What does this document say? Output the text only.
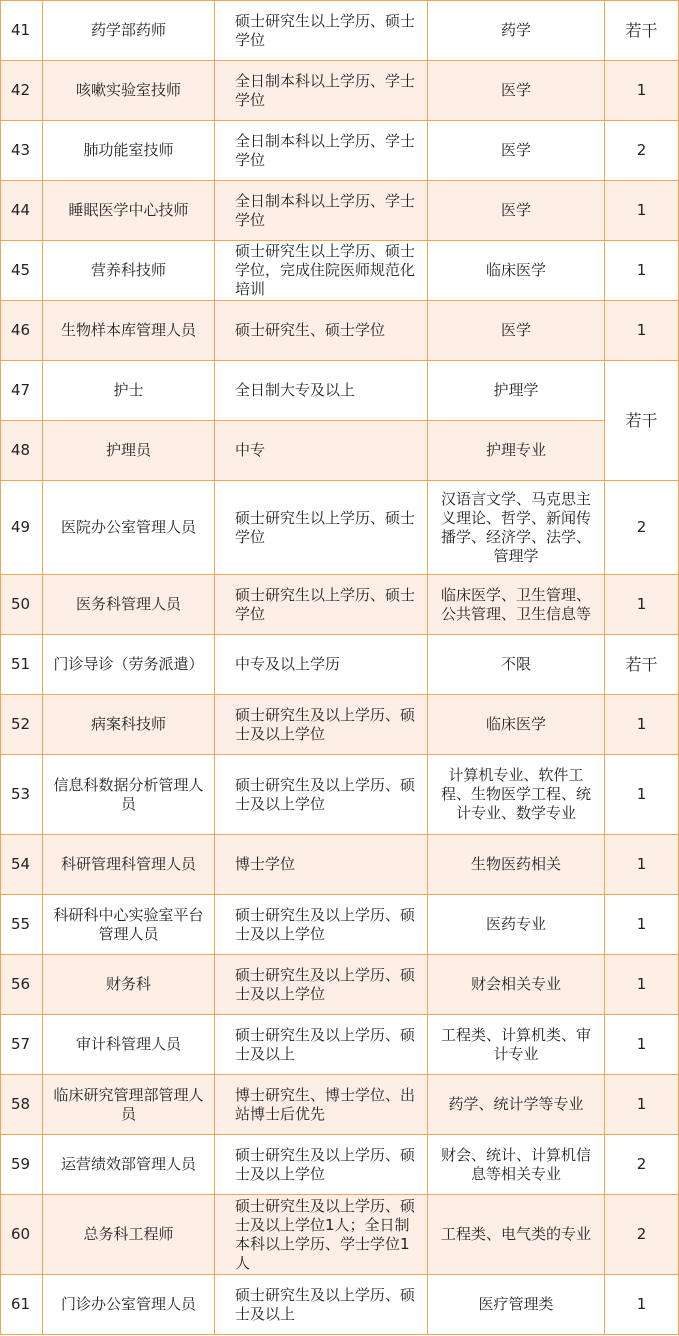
41	药学部药师	硕士研究生以上学历、硕士学位	药学	若干
42	咳嗽实验室技师	全日制本科以上学历、学士学位	医学	1
43	肺功能室技师	全日制本科以上学历、学士学位	医学	2
44	睡眠医学中心技师	全日制本科以上学历、学士学位	医学	1
45	营养科技师	硕士研究生以上学历、硕士学位，完成住院医师规范化培训	临床医学	1
46	生物样本库管理人员	硕士研究生、硕士学位	医学	1
47	护士	全日制大专及以上	护理学	若干
48	护理员	中专	护理专业	
49	医院办公室管理人员	硕士研究生以上学历、硕士学位	汉语言文学、马克思主义理论、哲学、新闻传播学、经济学、法学、管理学	2
50	医务科管理人员	硕士研究生以上学历、硕士学位	临床医学、卫生管理、公共管理、卫生信息等	1
51	门诊导诊（劳务派遣）	中专及以上学历	不限	若干
52	病案科技师	硕士研究生及以上学历、硕士及以上学位	临床医学	1
53	信息科数据分析管理人员	硕士研究生及以上学历、硕士及以上学位	计算机专业、软件工程、生物医学工程、统计专业、数学专业	1
54	科研管理科管理人员	博士学位	生物医药相关	1
55	科研科中心实验室平台管理人员	硕士研究生及以上学历、硕士及以上学位	医药专业	1
56	财务科	硕士研究生及以上学历、硕士及以上学位	财会相关专业	1
57	审计科管理人员	硕士研究生及以上学历、硕士及以上	工程类、计算机类、审计专业	1
58	临床研究管理部管理人员	博士研究生、博士学位、出站博士后优先	药学、统计学等专业	1
59	运营绩效部管理人员	硕士研究生及以上学历、硕士及以上学位	财会、统计、计算机信息等相关专业	2
60	总务科工程师	硕士研究生及以上学历、硕士及以上学位1人；全日制本科以上学历、学士学位1人	工程类、电气类的专业	2
61	门诊办公室管理人员	硕士研究生及以上学历、硕士及以上	医疗管理类	1
